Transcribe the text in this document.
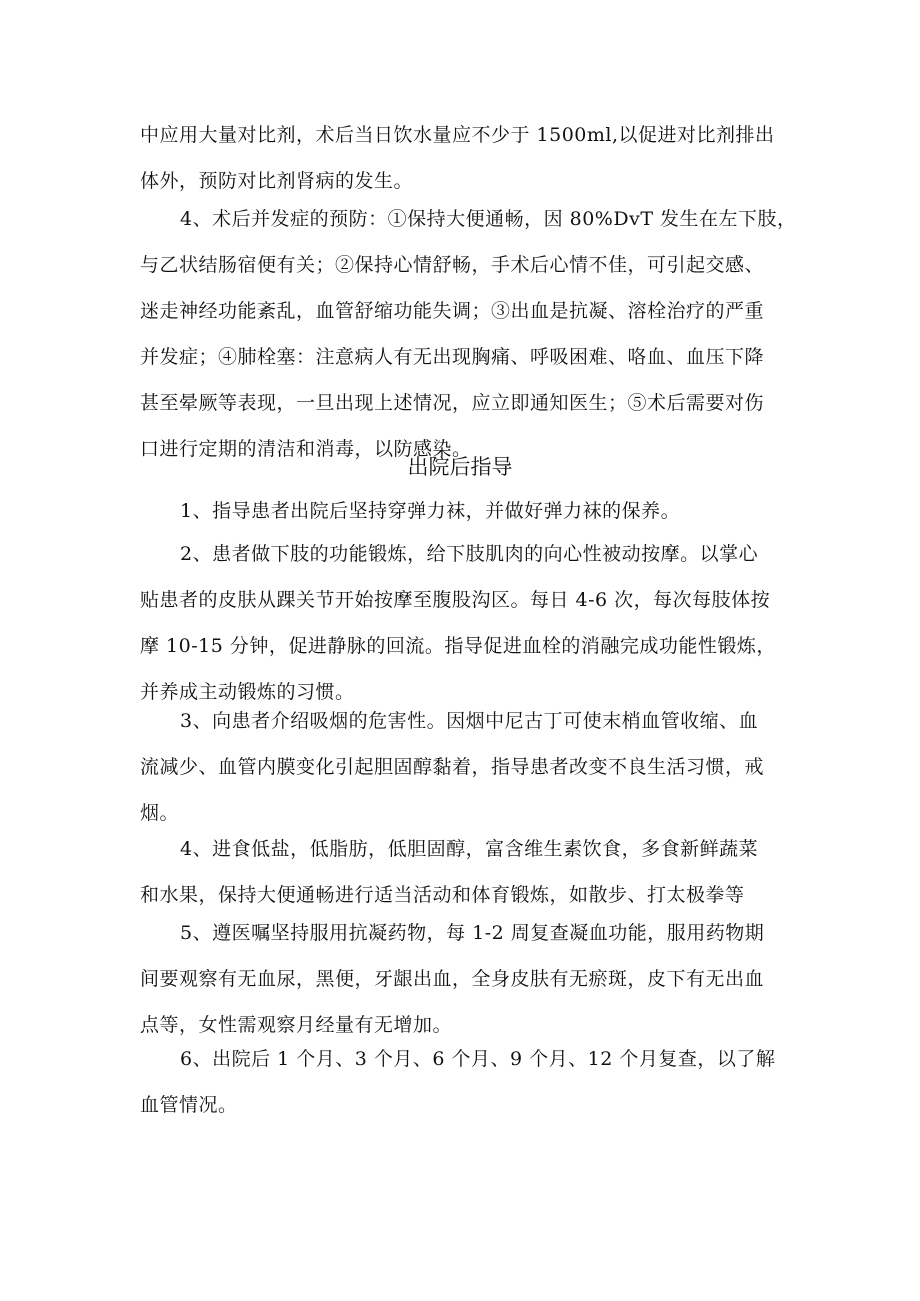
中应用大量对比剂，术后当日饮水量应不少于 1500ml,以促进对比剂排出
体外，预防对比剂肾病的发生。
4、术后并发症的预防：①保持大便通畅，因 80%DvT 发生在左下肢，
与乙状结肠宿便有关；②保持心情舒畅，手术后心情不佳，可引起交感、
迷走神经功能紊乱，血管舒缩功能失调；③出血是抗凝、溶栓治疗的严重
并发症；④肺栓塞：注意病人有无出现胸痛、呼吸困难、咯血、血压下降
甚至晕厥等表现，一旦出现上述情况，应立即通知医生；⑤术后需要对伤
口进行定期的清洁和消毒，以防感染。
出院后指导
1、指导患者出院后坚持穿弹力袜，并做好弹力袜的保养。
2、患者做下肢的功能锻炼，给下肢肌肉的向心性被动按摩。以掌心
贴患者的皮肤从踝关节开始按摩至腹股沟区。每日 4-6 次，每次每肢体按
摩 10-15 分钟，促进静脉的回流。指导促进血栓的消融完成功能性锻炼，
并养成主动锻炼的习惯。
3、向患者介绍吸烟的危害性。因烟中尼古丁可使末梢血管收缩、血
流减少、血管内膜变化引起胆固醇黏着，指导患者改变不良生活习惯，戒
烟。
4、进食低盐，低脂肪，低胆固醇，富含维生素饮食，多食新鲜蔬菜
和水果，保持大便通畅进行适当活动和体育锻炼，如散步、打太极拳等
5、遵医嘱坚持服用抗凝药物，每 1-2 周复查凝血功能，服用药物期
间要观察有无血尿，黑便，牙龈出血，全身皮肤有无瘀斑，皮下有无出血
点等，女性需观察月经量有无增加。
6、出院后 1 个月、3 个月、6 个月、9 个月、12 个月复查，以了解
血管情况。
